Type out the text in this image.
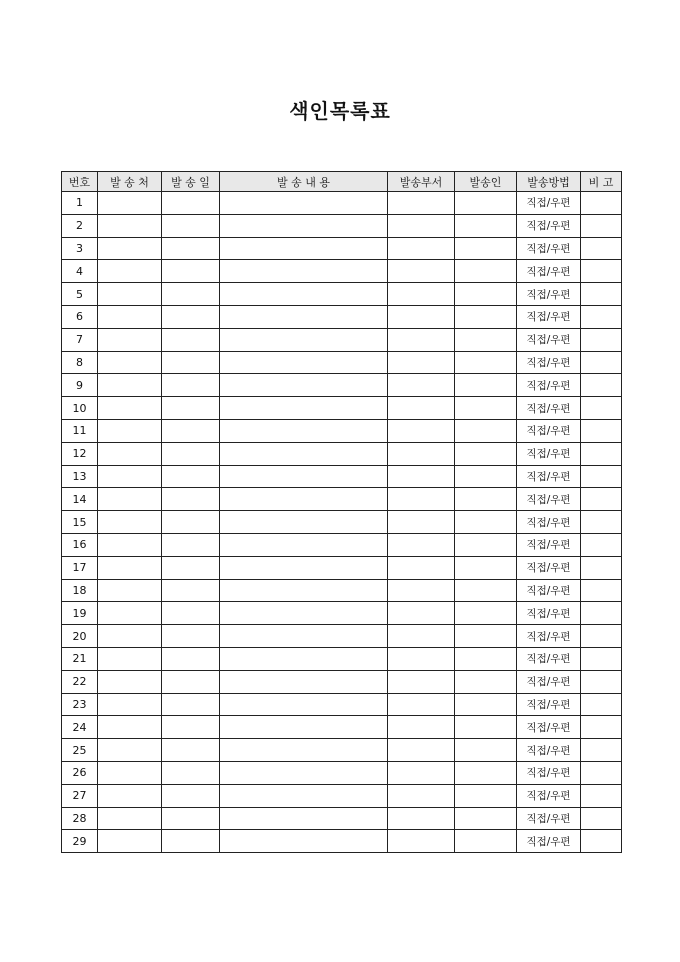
색인목록표
번호	발 송 처	발 송 일	발 송 내 용	발송부서	발송인	발송방법	비 고
1						직접/우편	
2						직접/우편	
3						직접/우편	
4						직접/우편	
5						직접/우편	
6						직접/우편	
7						직접/우편	
8						직접/우편	
9						직접/우편	
10						직접/우편	
11						직접/우편	
12						직접/우편	
13						직접/우편	
14						직접/우편	
15						직접/우편	
16						직접/우편	
17						직접/우편	
18						직접/우편	
19						직접/우편	
20						직접/우편	
21						직접/우편	
22						직접/우편	
23						직접/우편	
24						직접/우편	
25						직접/우편	
26						직접/우편	
27						직접/우편	
28						직접/우편	
29						직접/우편	
